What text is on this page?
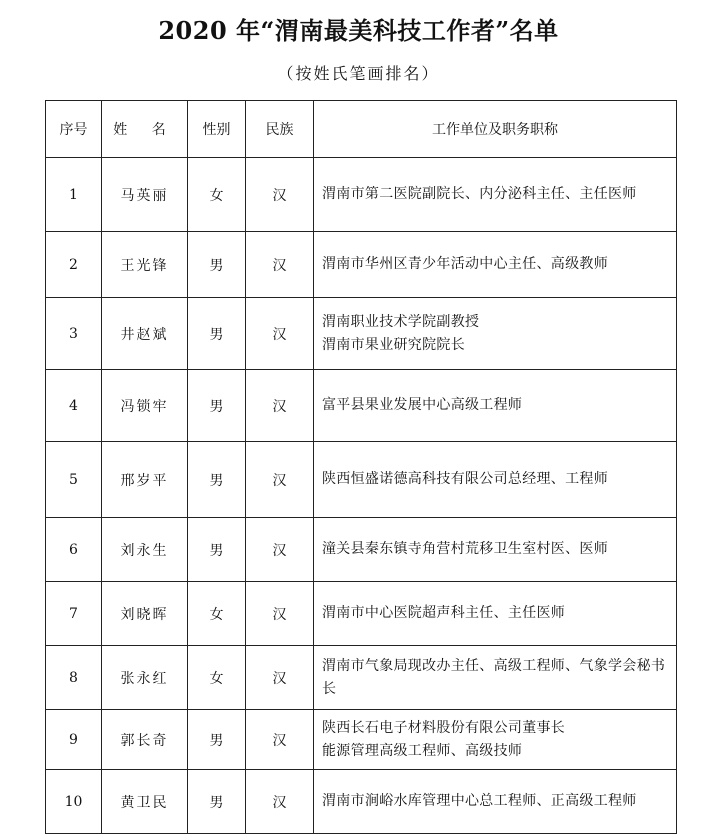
2020 年“渭南最美科技工作者”名单
（按姓氏笔画排名）
序号	姓 名	性别	民族	工作单位及职务职称
1	马英丽	女	汉	渭南市第二医院副院长、内分泌科主任、主任医师

2	王光锋	男	汉	渭南市华州区青少年活动中心主任、高级教师

3	井赵斌	男	汉	渭南职业技术学院副教授
渭南市果业研究院院长

4	冯锁牢	男	汉	富平县果业发展中心高级工程师

5	邢岁平	男	汉	陕西恒盛诺德高科技有限公司总经理、工程师

6	刘永生	男	汉	潼关县秦东镇寺角营村荒移卫生室村医、医师

7	刘晓晖	女	汉	渭南市中心医院超声科主任、主任医师

8	张永红	女	汉	渭南市气象局现改办主任、高级工程师、气象学会秘书长

9	郭长奇	男	汉	陕西长石电子材料股份有限公司董事长
能源管理高级工程师、高级技师

10	黄卫民	男	汉	渭南市涧峪水库管理中心总工程师、正高级工程师
